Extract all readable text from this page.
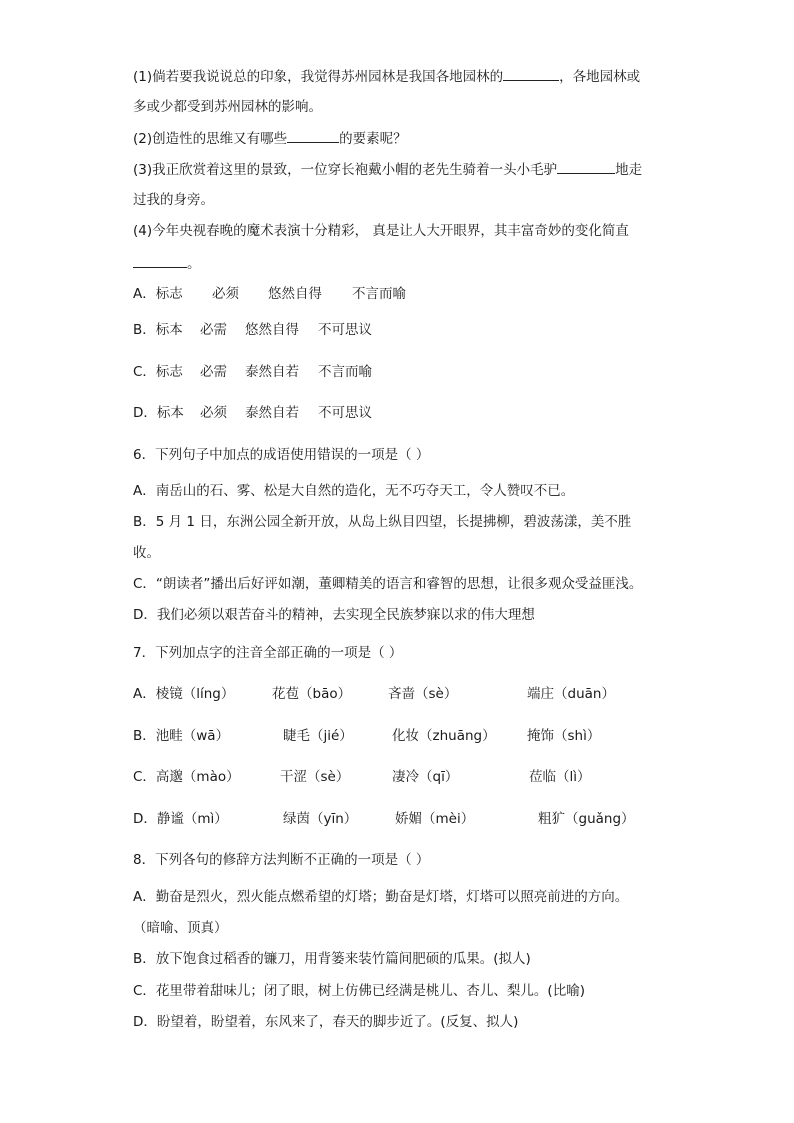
(1)倘若要我说说总的印象，我觉得苏州园林是我国各地园林的	，各地园林或
多或少都受到苏州园林的影响。
(2)创造性的思维又有哪些	的要素呢？
(3)我正欣赏着这里的景致，一位穿长袍戴小帽的老先生骑着一头小毛驴	地走
过我的身旁。
(4)今年央视春晚的魔术表演十分精彩， 真是让人大开眼界，其丰富奇妙的变化简直
。
A．标志 必须 悠然自得 不言而喻
B．标本 必需 悠然自得 不可思议
C．标志 必需 泰然自若 不言而喻
D．标本 必须 泰然自若 不可思议
6．下列句子中加点的成语使用错误的一项是（ ）
A．南岳山的石、雾、松是大自然的造化，无不巧夺天工，令人赞叹不已。
B．5 月 1 日，东洲公园全新开放，从岛上纵目四望，长提拂柳，碧波荡漾，美不胜
收。
C．“朗读者”播出后好评如潮，董卿精美的语言和睿智的思想，让很多观众受益匪浅。
D．我们必须以艰苦奋斗的精神，去实现全民族梦寐以求的伟大理想
7．下列加点字的注音全部正确的一项是（ ）
A．棱镜（líng）	花苞（bāo）	吝啬（sè）	端庄（duān）
B．池畦（wā）	睫毛（jié）	化妆（zhuāng） 掩饰（shì）
C．高邈（mào）	干涩（sè）	凄冷（qī）	莅临（lì）
D．静谧（mì）	绿茵（yīn）	娇媚（mèi）	粗犷（guǎng）
8．下列各句的修辞方法判断不正确的一项是（ ）
A．勤奋是烈火，烈火能点燃希望的灯塔；勤奋是灯塔，灯塔可以照亮前进的方向。
（暗喻、顶真）
B．放下饱食过稻香的镰刀，用背篓来装竹篇间肥硕的瓜果。(拟人)
C．花里带着甜味儿；闭了眼，树上仿佛已经满是桃儿、杏儿、梨儿。(比喻)
D．盼望着，盼望着，东风来了，春天的脚步近了。(反复、拟人)
